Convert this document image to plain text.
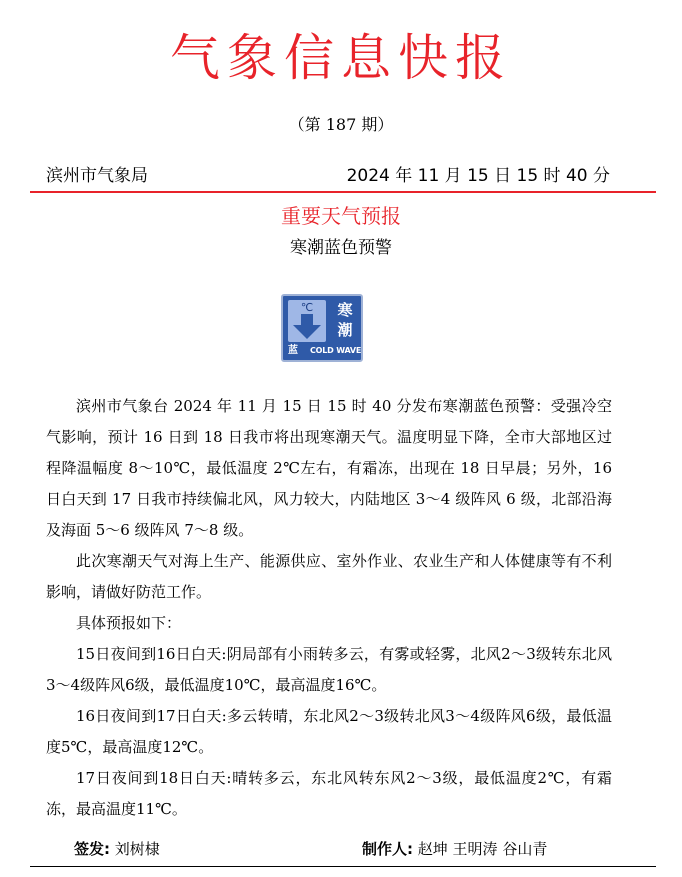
气象信息快报
（第 187 期）
滨州市气象局	2024 年 11 月 15 日 15 时 40 分
重要天气预报
寒潮蓝色预警
℃	寒
潮
蓝 COLD WAVE

滨州市气象台 2024 年 11 月 15 日 15 时 40 分发布寒潮蓝色预警：受强冷空气影响，预计 16 日到 18 日我市将出现寒潮天气。温度明显下降，全市大部地区过程降温幅度 8～10℃，最低温度 2℃左右，有霜冻，出现在 18 日早晨；另外，16 日白天到 17 日我市持续偏北风，风力较大，内陆地区 3～4 级阵风 6 级，北部沿海及海面 5～6 级阵风 7～8 级。

此次寒潮天气对海上生产、能源供应、室外作业、农业生产和人体健康等有不利影响，请做好防范工作。

具体预报如下：

15日夜间到16日白天:阴局部有小雨转多云，有雾或轻雾，北风2～3级转东北风3～4级阵风6级，最低温度10℃，最高温度16℃。

16日夜间到17日白天:多云转晴，东北风2～3级转北风3～4级阵风6级，最低温度5℃，最高温度12℃。

17日夜间到18日白天:晴转多云，东北风转东风2～3级，最低温度2℃，有霜冻，最高温度11℃。

签发: 刘树棣	制作人: 赵坤 王明涛 谷山青
